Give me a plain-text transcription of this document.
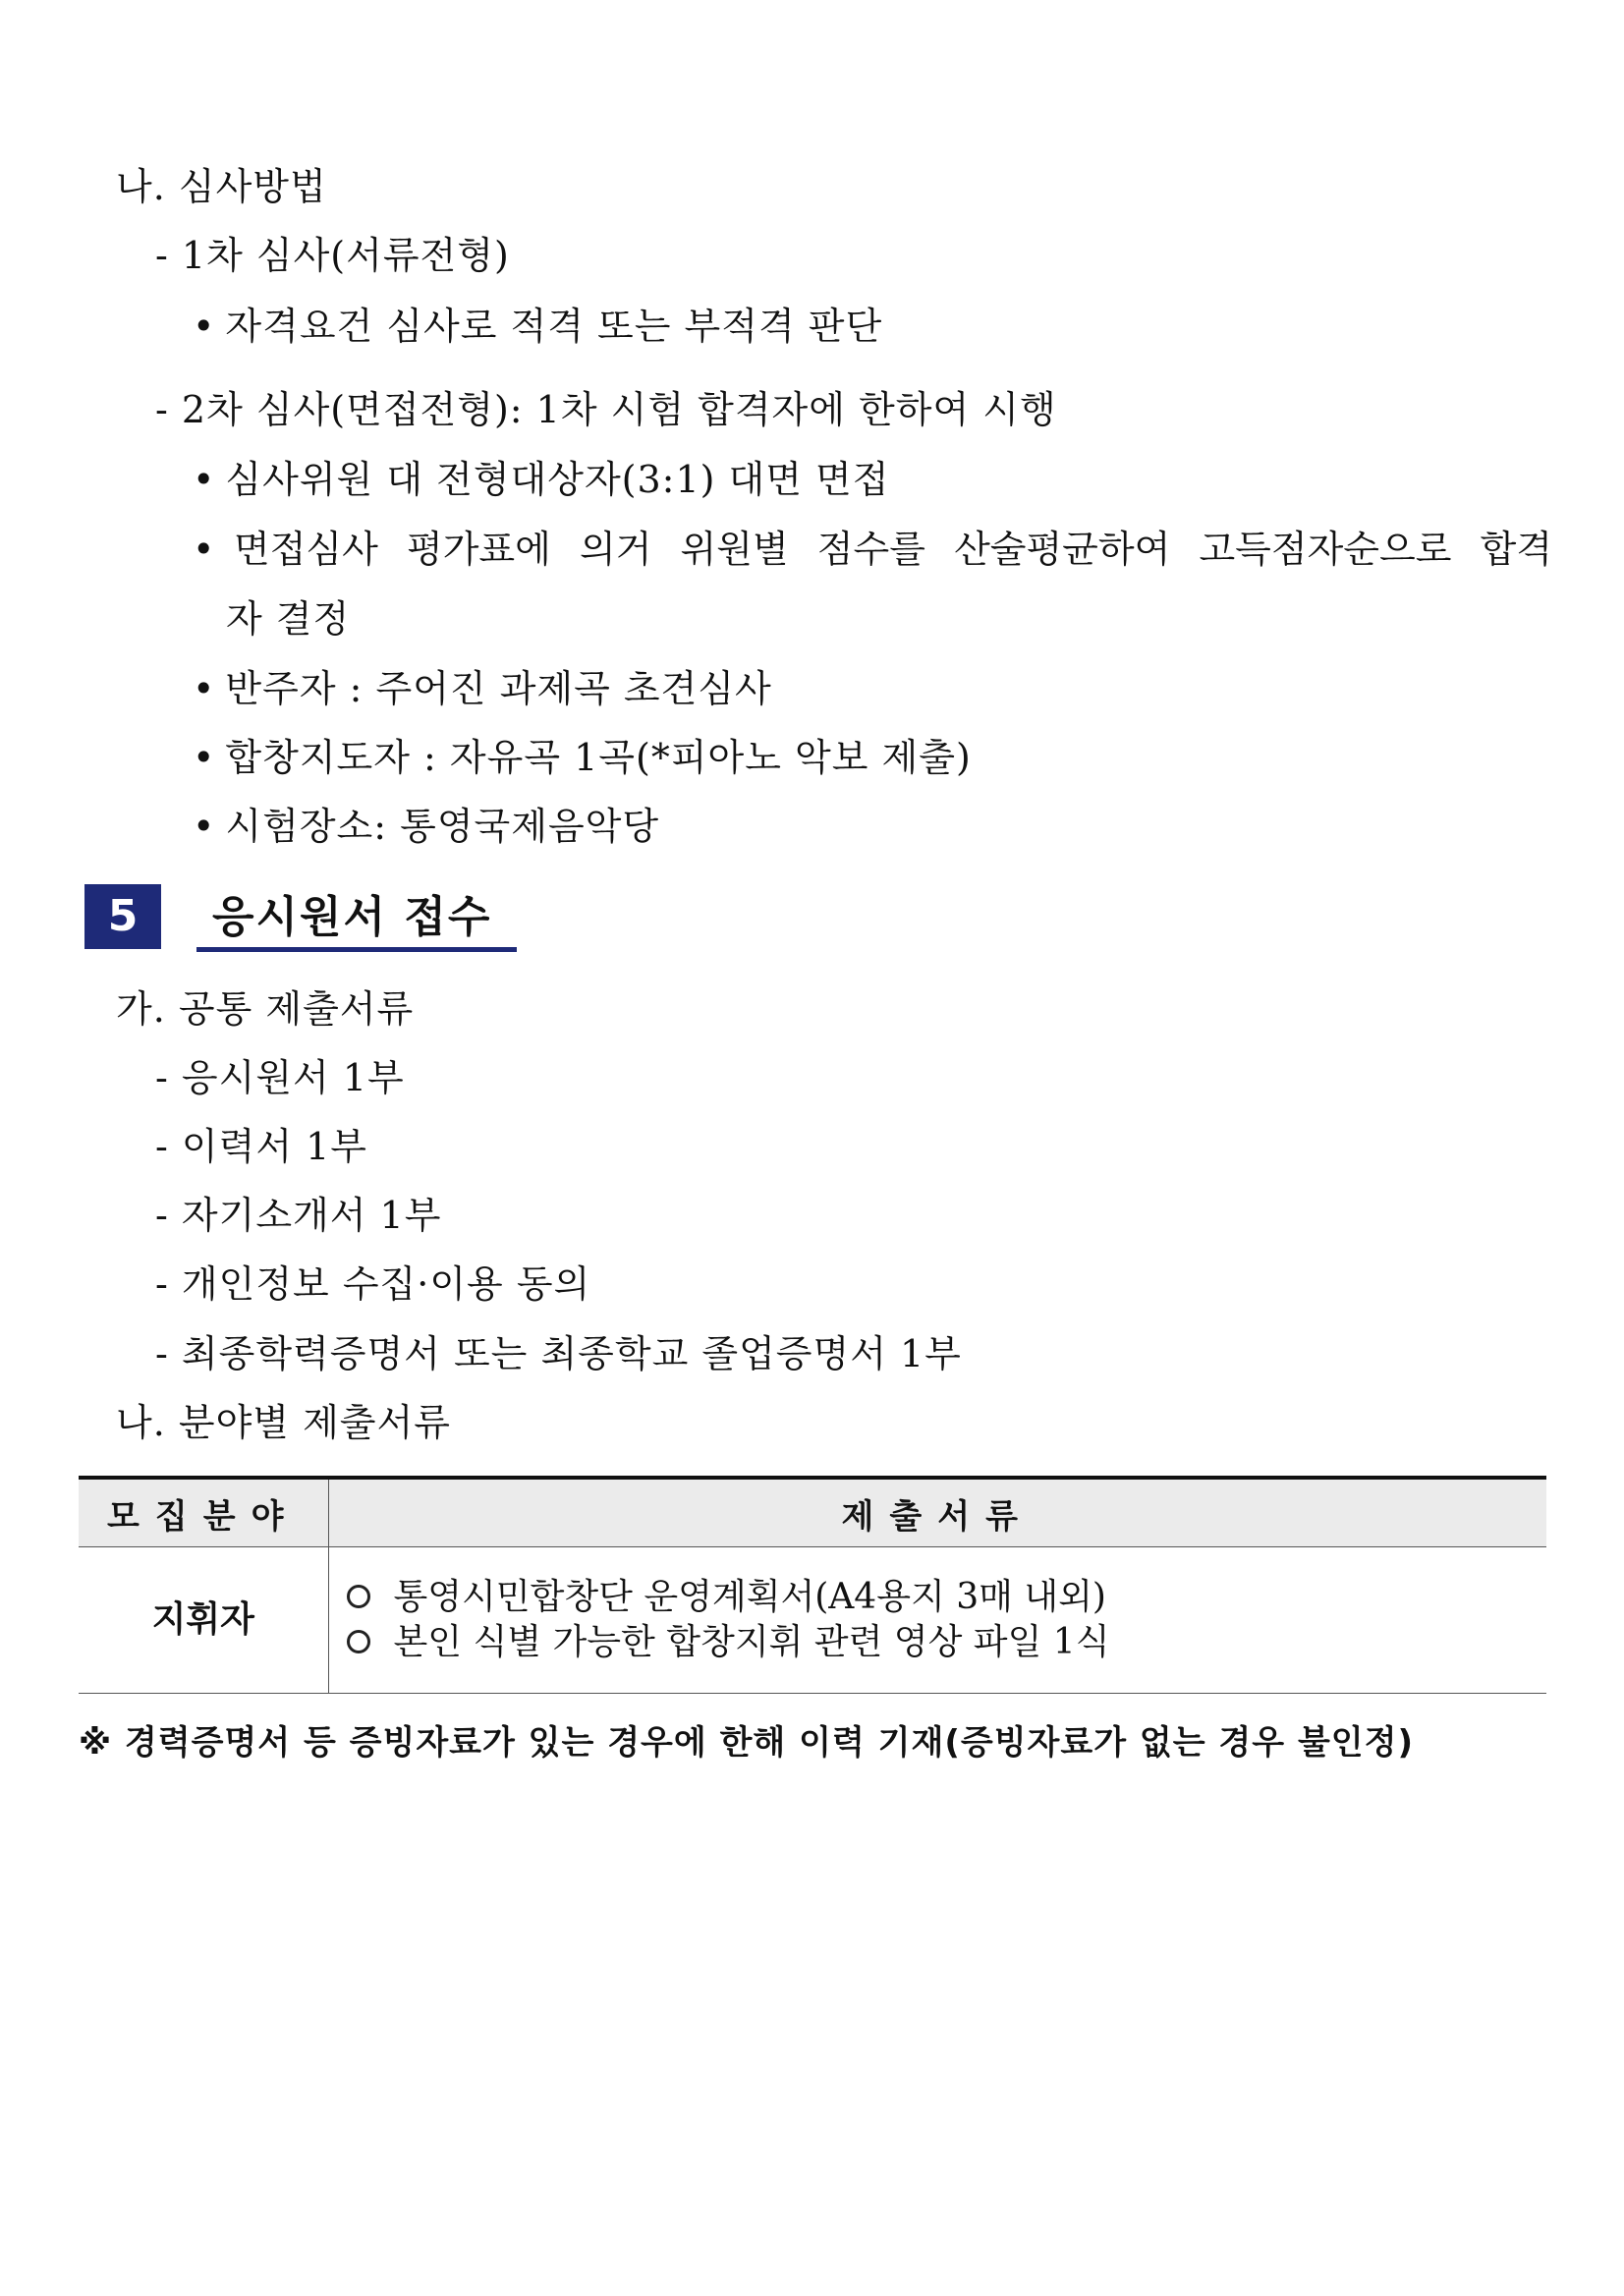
나. 심사방법
- 1차 심사(서류전형)
• 자격요건 심사로 적격 또는 부적격 판단
- 2차 심사(면접전형): 1차 시험 합격자에 한하여 시행
• 심사위원 대 전형대상자(3:1) 대면 면접
• 면접심사 평가표에 의거 위원별 점수를 산술평균하여 고득점자순으로 합격
자 결정
• 반주자 : 주어진 과제곡 초견심사
• 합창지도자 : 자유곡 1곡(*피아노 악보 제출)
• 시험장소: 통영국제음악당
5	응시원서 접수
가. 공통 제출서류
- 응시원서 1부
- 이력서 1부
- 자기소개서 1부
- 개인정보 수집·이용 동의
- 최종학력증명서 또는 최종학교 졸업증명서 1부
나. 분야별 제출서류
모집분야	제출서류
지휘자	통영시민합창단 운영계획서(A4용지 3매 내외)
본인 식별 가능한 합창지휘 관련 영상 파일 1식
※ 경력증명서 등 증빙자료가 있는 경우에 한해 이력 기재(증빙자료가 없는 경우 불인정)
